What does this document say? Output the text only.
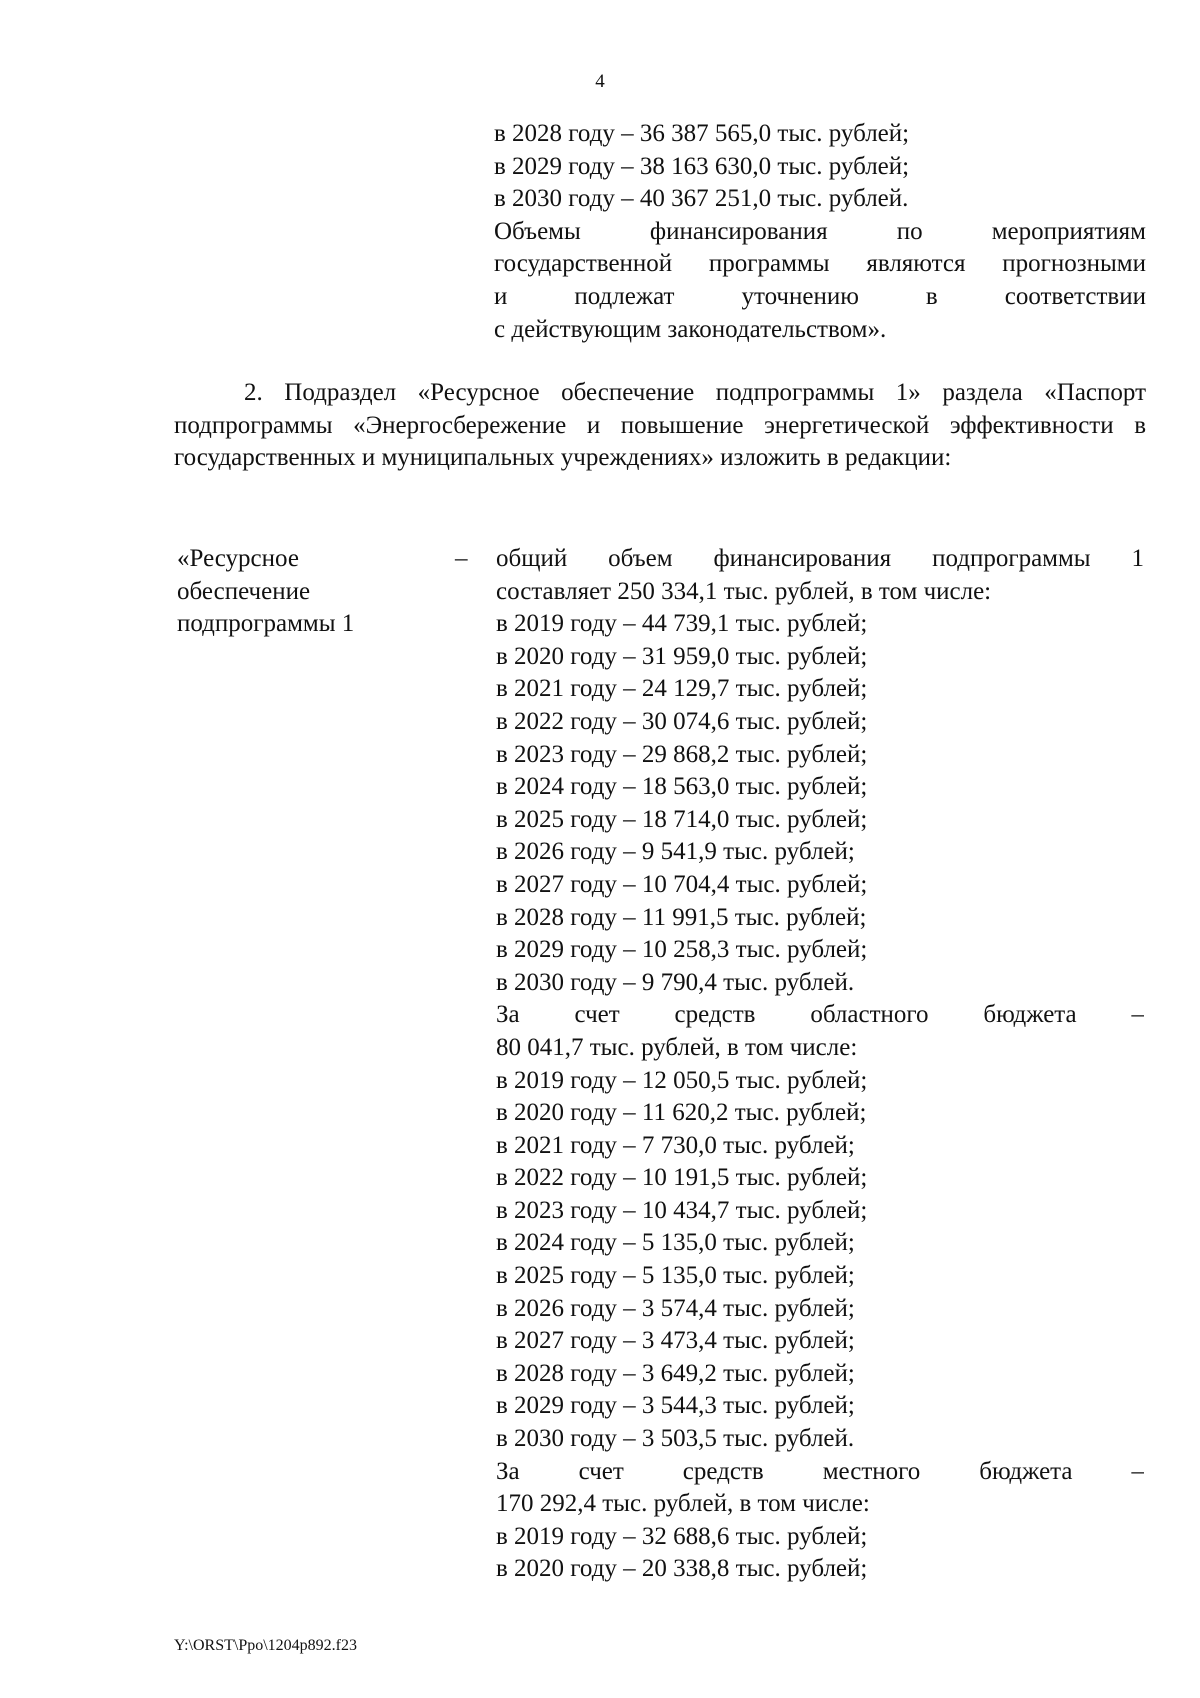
4
в 2028 году – 36 387 565,0 тыс. рублей;
в 2029 году – 38 163 630,0 тыс. рублей;
в 2030 году – 40 367 251,0 тыс. рублей.
Объемы финансирования по мероприятиям
государственной программы являются прогнозными
и подлежат уточнению в соответствии
с действующим законодательством».

2. Подраздел «Ресурсное обеспечение подпрограммы 1» раздела «Паспорт подпрограммы «Энергосбережение и повышение энергетической эффективности в государственных и муниципальных учреждениях» изложить в редакции:

«Ресурсное
обеспечение
подпрограммы 1
– общий объем финансирования подпрограммы 1
составляет 250 334,1 тыс. рублей, в том числе:
в 2019 году – 44 739,1 тыс. рублей;
в 2020 году – 31 959,0 тыс. рублей;
в 2021 году – 24 129,7 тыс. рублей;
в 2022 году – 30 074,6 тыс. рублей;
в 2023 году – 29 868,2 тыс. рублей;
в 2024 году – 18 563,0 тыс. рублей;
в 2025 году – 18 714,0 тыс. рублей;
в 2026 году – 9 541,9 тыс. рублей;
в 2027 году – 10 704,4 тыс. рублей;
в 2028 году – 11 991,5 тыс. рублей;
в 2029 году – 10 258,3 тыс. рублей;
в 2030 году – 9 790,4 тыс. рублей.
За счет средств областного бюджета –
80 041,7 тыс. рублей, в том числе:
в 2019 году – 12 050,5 тыс. рублей;
в 2020 году – 11 620,2 тыс. рублей;
в 2021 году – 7 730,0 тыс. рублей;
в 2022 году – 10 191,5 тыс. рублей;
в 2023 году – 10 434,7 тыс. рублей;
в 2024 году – 5 135,0 тыс. рублей;
в 2025 году – 5 135,0 тыс. рублей;
в 2026 году – 3 574,4 тыс. рублей;
в 2027 году – 3 473,4 тыс. рублей;
в 2028 году – 3 649,2 тыс. рублей;
в 2029 году – 3 544,3 тыс. рублей;
в 2030 году – 3 503,5 тыс. рублей.
За счет средств местного бюджета –
170 292,4 тыс. рублей, в том числе:
в 2019 году – 32 688,6 тыс. рублей;
в 2020 году – 20 338,8 тыс. рублей;
Y:\ORST\Ppo\1204p892.f23
